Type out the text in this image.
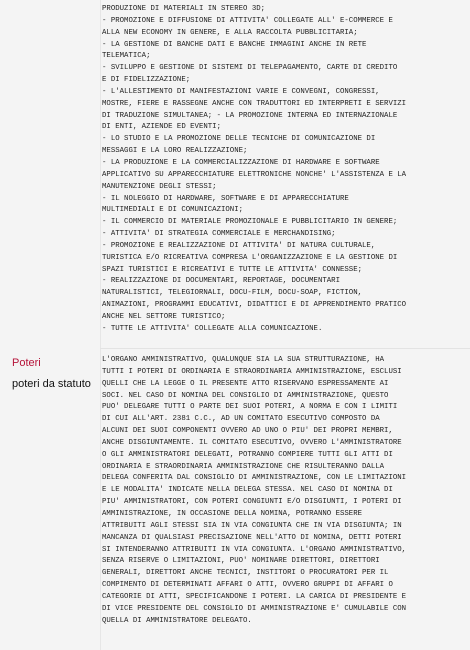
PRODUZIONE DI MATERIALI IN STEREO 3D;
- PROMOZIONE E DIFFUSIONE DI ATTIVITA' COLLEGATE ALL' E-COMMERCE E
ALLA NEW ECONOMY IN GENERE, E ALLA RACCOLTA PUBBLICITARIA;
- LA GESTIONE DI BANCHE DATI E BANCHE IMMAGINI ANCHE IN RETE
TELEMATICA;
- SVILUPPO E GESTIONE DI SISTEMI DI TELEPAGAMENTO, CARTE DI CREDITO
E DI FIDELIZZAZIONE;
- L'ALLESTIMENTO DI MANIFESTAZIONI VARIE E CONVEGNI, CONGRESSI,
MOSTRE, FIERE E RASSEGNE ANCHE CON TRADUTTORI ED INTERPRETI E SERVIZI
DI TRADUZIONE SIMULTANEA; - LA PROMOZIONE INTERNA ED INTERNAZIONALE
DI ENTI, AZIENDE ED EVENTI;
- LO STUDIO E LA PROMOZIONE DELLE TECNICHE DI COMUNICAZIONE DI
MESSAGGI E LA LORO REALIZZAZIONE;
- LA PRODUZIONE E LA COMMERCIALIZZAZIONE DI HARDWARE E SOFTWARE
APPLICATIVO SU APPARECCHIATURE ELETTRONICHE NONCHE' L'ASSISTENZA E LA
MANUTENZIONE DEGLI STESSI;
- IL NOLEGGIO DI HARDWARE, SOFTWARE E DI APPARECCHIATURE
MULTIMEDIALI E DI COMUNICAZIONI;
- IL COMMERCIO DI MATERIALE PROMOZIONALE E PUBBLICITARIO IN GENERE;
- ATTIVITA' DI STRATEGIA COMMERCIALE E MERCHANDISING;
- PROMOZIONE E REALIZZAZIONE DI ATTIVITA' DI NATURA CULTURALE,
TURISTICA E/O RICREATIVA COMPRESA L'ORGANIZZAZIONE E LA GESTIONE DI
SPAZI TURISTICI E RICREATIVI E TUTTE LE ATTIVITA' CONNESSE;
- REALIZZAZIONE DI DOCUMENTARI, REPORTAGE, DOCUMENTARI
NATURALISTICI, TELEGIORNALI, DOCU-FILM, DOCU-SOAP, FICTION,
ANIMAZIONI, PROGRAMMI EDUCATIVI, DIDATTICI E DI APPRENDIMENTO PRATICO
ANCHE NEL SETTORE TURISTICO;
- TUTTE LE ATTIVITA' COLLEGATE ALLA COMUNICAZIONE.
Poteri
poteri da statuto
L'ORGANO AMMINISTRATIVO, QUALUNQUE SIA LA SUA STRUTTURAZIONE, HA
TUTTI I POTERI DI ORDINARIA E STRAORDINARIA AMMINISTRAZIONE, ESCLUSI
QUELLI CHE LA LEGGE O IL PRESENTE ATTO RISERVANO ESPRESSAMENTE AI
SOCI. NEL CASO DI NOMINA DEL CONSIGLIO DI AMMINISTRAZIONE, QUESTO
PUO' DELEGARE TUTTI O PARTE DEI SUOI POTERI, A NORMA E CON I LIMITI
DI CUI ALL'ART. 2381 C.C., AD UN COMITATO ESECUTIVO COMPOSTO DA
ALCUNI DEI SUOI COMPONENTI OVVERO AD UNO O PIU' DEI PROPRI MEMBRI,
ANCHE DISGIUNTAMENTE. IL COMITATO ESECUTIVO, OVVERO L'AMMINISTRATORE
O GLI AMMINISTRATORI DELEGATI, POTRANNO COMPIERE TUTTI GLI ATTI DI
ORDINARIA E STRAORDINARIA AMMINISTRAZIONE CHE RISULTERANNO DALLA
DELEGA CONFERITA DAL CONSIGLIO DI AMMINISTRAZIONE, CON LE LIMITAZIONI
E LE MODALITA' INDICATE NELLA DELEGA STESSA. NEL CASO DI NOMINA DI
PIU' AMMINISTRATORI, CON POTERI CONGIUNTI E/O DISGIUNTI, I POTERI DI
AMMINISTRAZIONE, IN OCCASIONE DELLA NOMINA, POTRANNO ESSERE
ATTRIBUITI AGLI STESSI SIA IN VIA CONGIUNTA CHE IN VIA DISGIUNTA; IN
MANCANZA DI QUALSIASI PRECISAZIONE NELL'ATTO DI NOMINA, DETTI POTERI
SI INTENDERANNO ATTRIBUITI IN VIA CONGIUNTA. L'ORGANO AMMINISTRATIVO,
SENZA RISERVE O LIMITAZIONI, PUO' NOMINARE DIRETTORI, DIRETTORI
GENERALI, DIRETTORI ANCHE TECNICI, INSTITORI O PROCURATORI PER IL
COMPIMENTO DI DETERMINATI AFFARI O ATTI, OVVERO GRUPPI DI AFFARI O
CATEGORIE DI ATTI, SPECIFICANDONE I POTERI. LA CARICA DI PRESIDENTE E
DI VICE PRESIDENTE DEL CONSIGLIO DI AMMINISTRAZIONE E' CUMULABILE CON
QUELLA DI AMMINISTRATORE DELEGATO.
